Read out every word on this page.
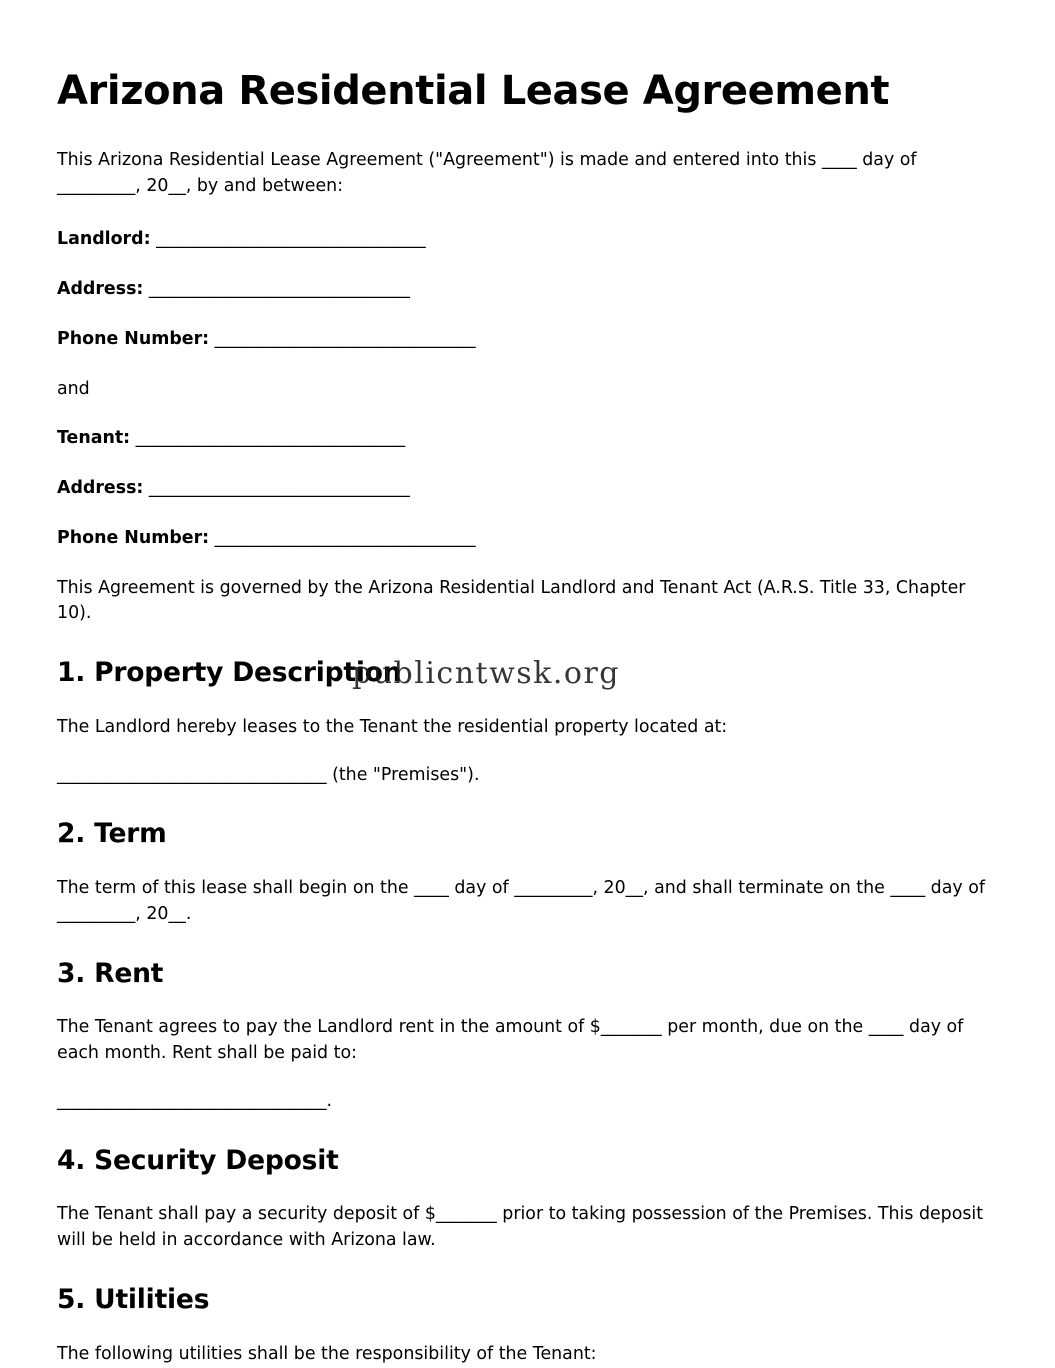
Arizona Residential Lease Agreement

This Arizona Residential Lease Agreement ("Agreement") is made and entered into this ____ day of _________, 20__, by and between:

Landlord: _______________________________
Address: ______________________________
Phone Number: ______________________________
and
Tenant: _______________________________
Address: ______________________________
Phone Number: ______________________________

This Agreement is governed by the Arizona Residential Landlord and Tenant Act (A.R.S. Title 33, Chapter 10).

1. Property Description

The Landlord hereby leases to the Tenant the residential property located at:

_______________________________ (the "Premises").
2. Term

The term of this lease shall begin on the ____ day of _________, 20__, and shall terminate on the ____ day of _________, 20__.

3. Rent

The Tenant agrees to pay the Landlord rent in the amount of $_______ per month, due on the ____ day of each month. Rent shall be paid to:

_______________________________.
4. Security Deposit

The Tenant shall pay a security deposit of $_______ prior to taking possession of the Premises. This deposit will be held in accordance with Arizona law.

5. Utilities

The following utilities shall be the responsibility of the Tenant:

publicntwsk.org
